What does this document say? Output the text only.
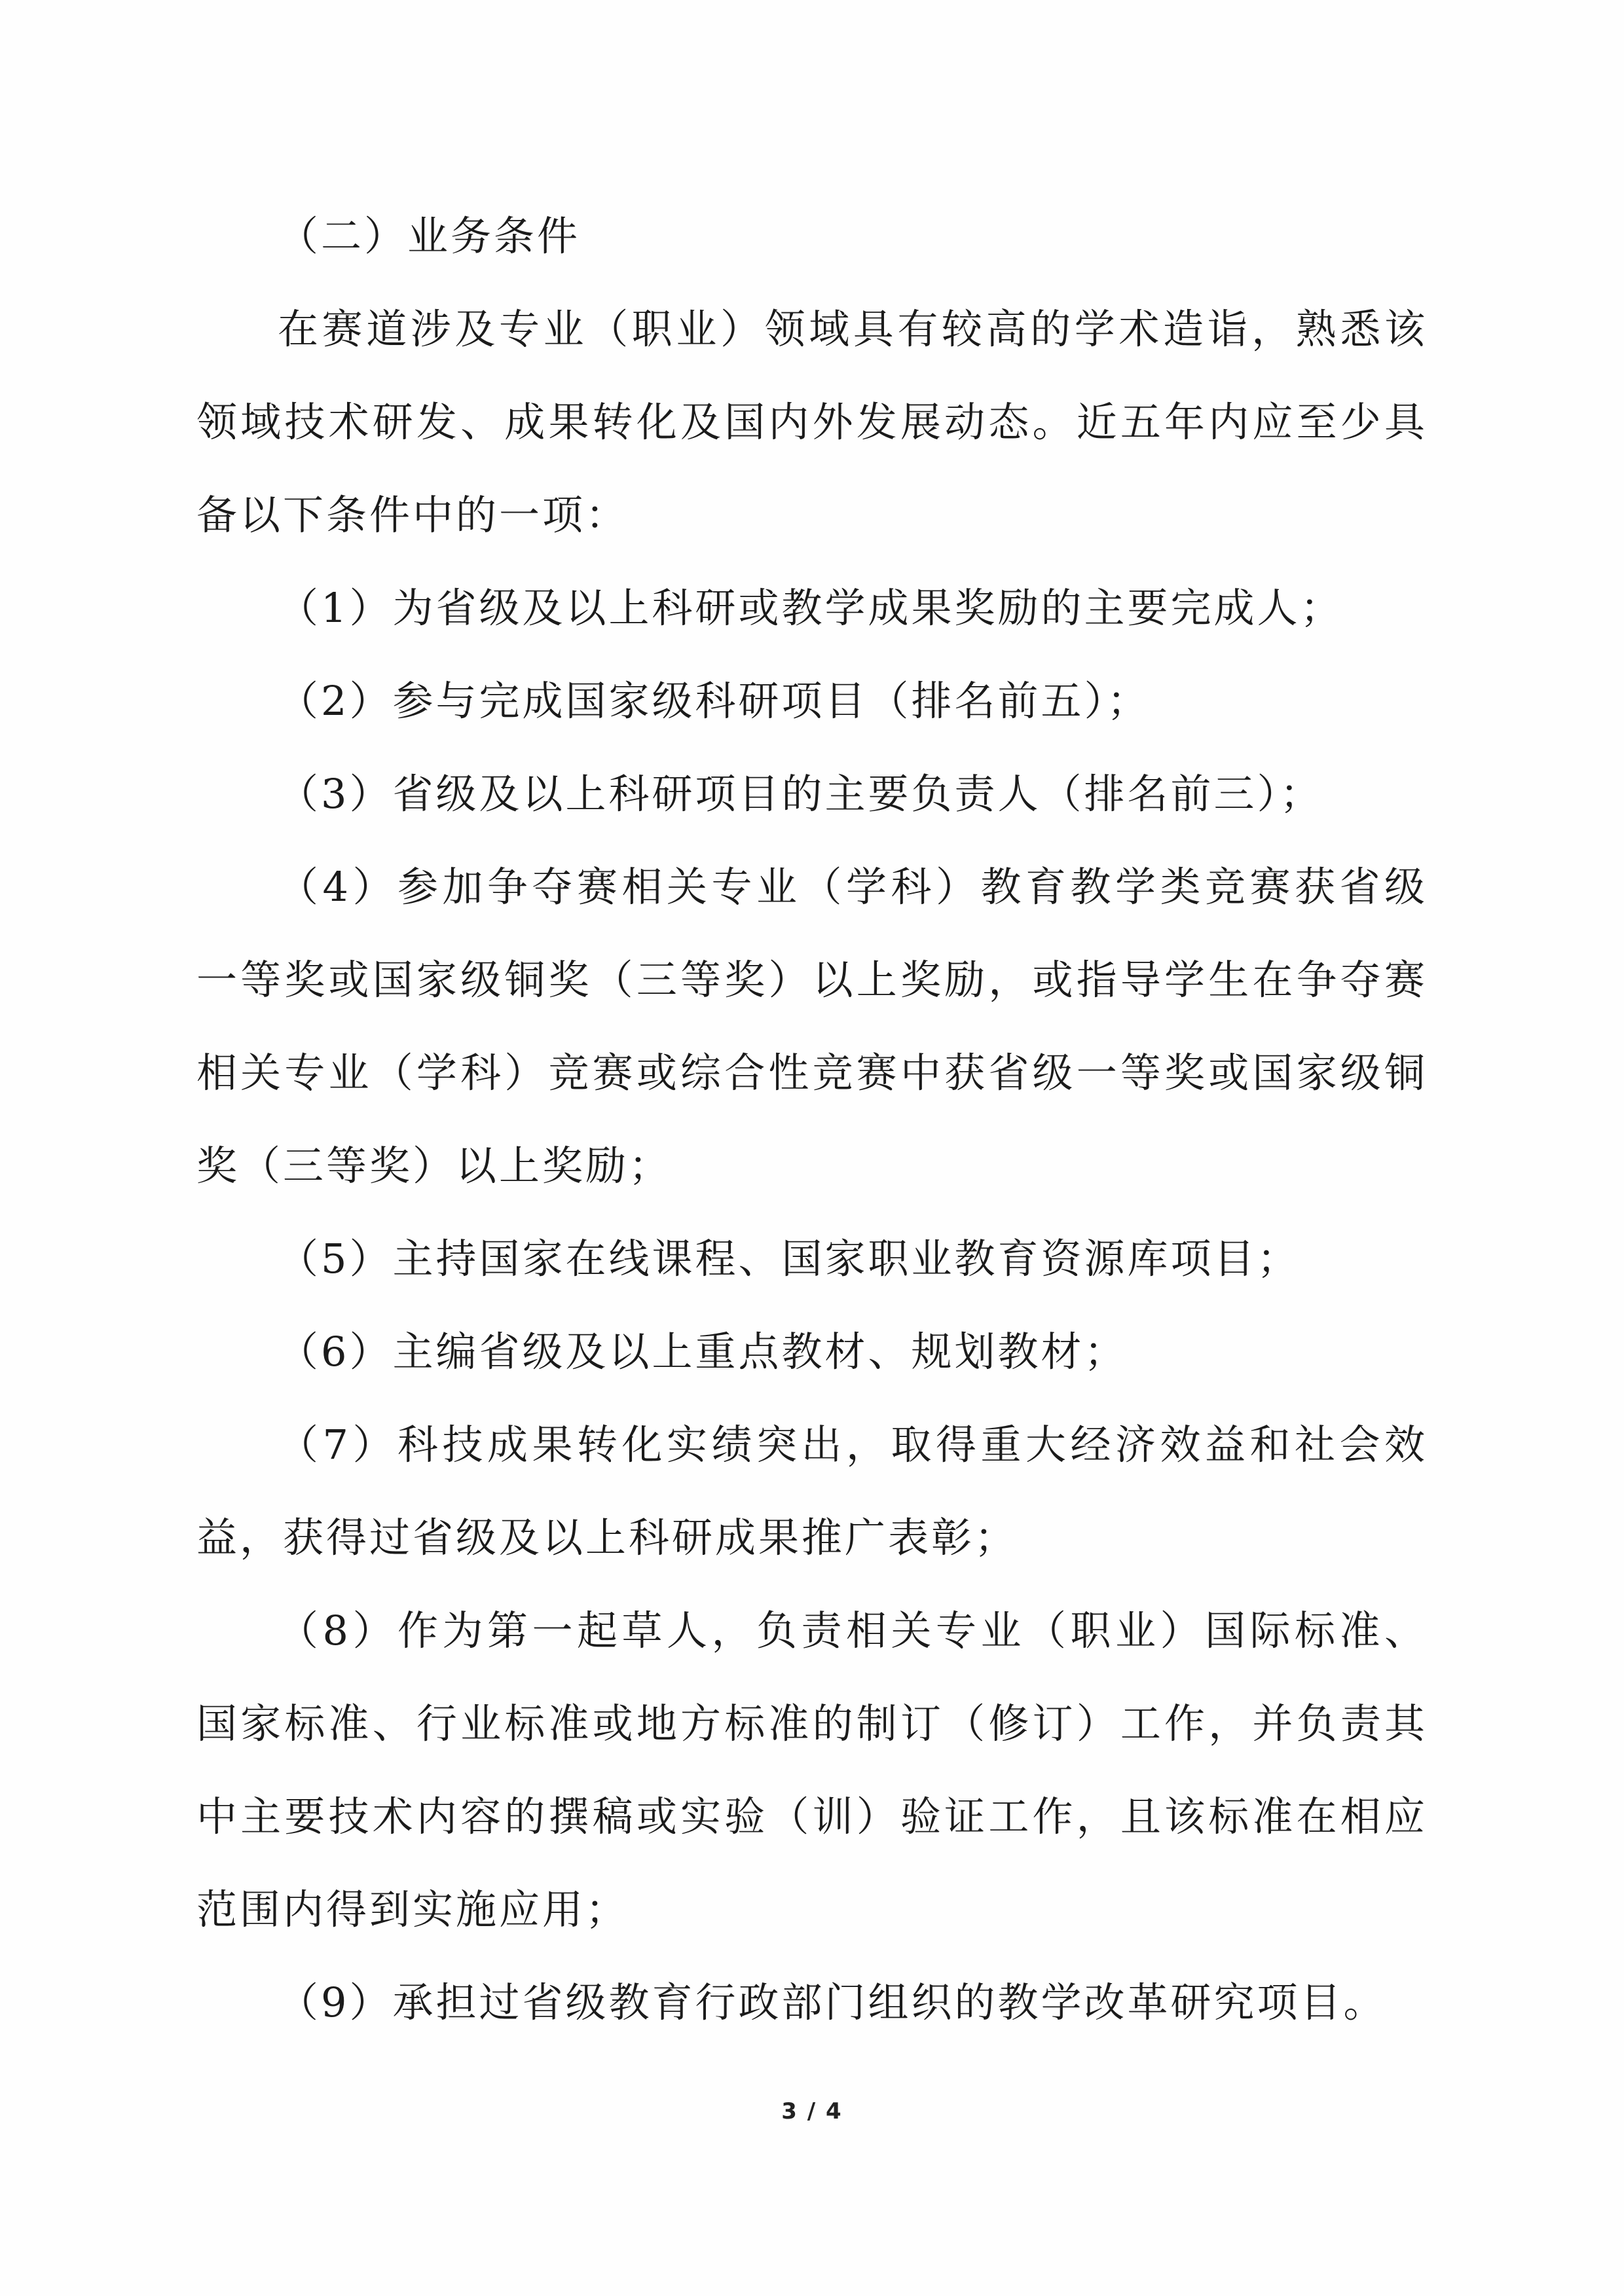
（二）业务条件

在赛道涉及专业（职业）领域具有较高的学术造诣，熟悉该领域技术研发、成果转化及国内外发展动态。近五年内应至少具备以下条件中的一项：

（1）为省级及以上科研或教学成果奖励的主要完成人；

（2）参与完成国家级科研项目（排名前五）；

（3）省级及以上科研项目的主要负责人（排名前三）；

（4）参加争夺赛相关专业（学科）教育教学类竞赛获省级一等奖或国家级铜奖（三等奖）以上奖励，或指导学生在争夺赛相关专业（学科）竞赛或综合性竞赛中获省级一等奖或国家级铜奖（三等奖）以上奖励；

（5）主持国家在线课程、国家职业教育资源库项目；

（6）主编省级及以上重点教材、规划教材；

（7）科技成果转化实绩突出，取得重大经济效益和社会效益，获得过省级及以上科研成果推广表彰；

（8）作为第一起草人，负责相关专业（职业）国际标准、国家标准、行业标准或地方标准的制订（修订）工作，并负责其中主要技术内容的撰稿或实验（训）验证工作，且该标准在相应范围内得到实施应用；

（9）承担过省级教育行政部门组织的教学改革研究项目。

3 / 4
